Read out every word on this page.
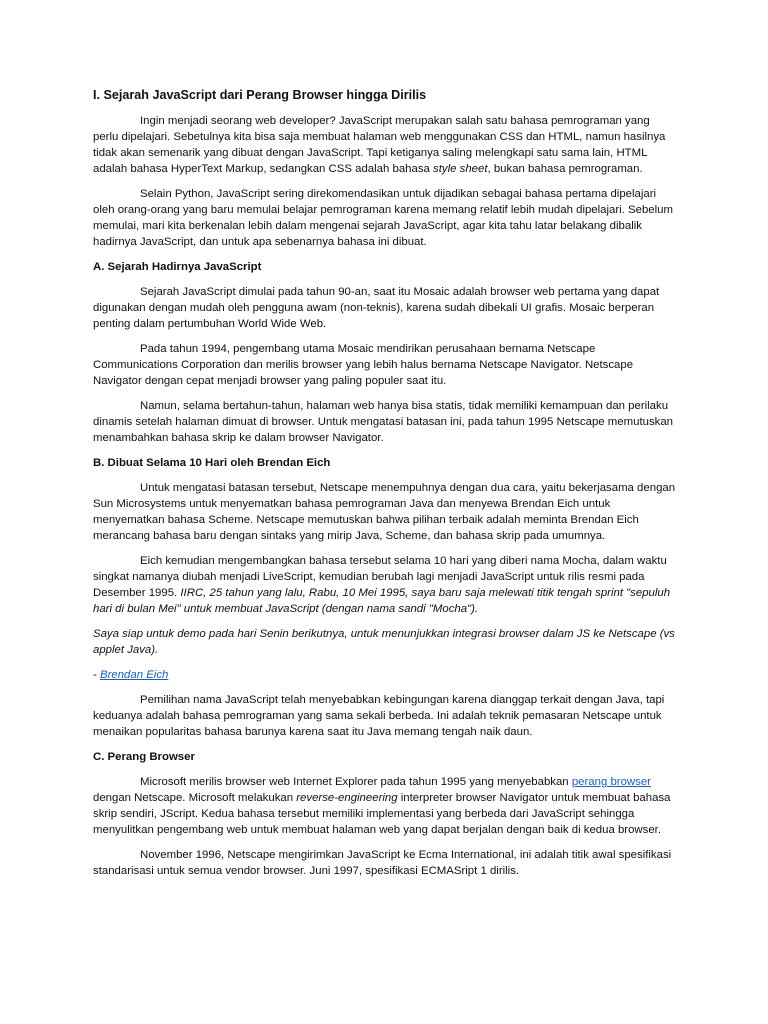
I. Sejarah JavaScript dari Perang Browser hingga Dirilis

Ingin menjadi seorang web developer? JavaScript merupakan salah satu bahasa pemrograman yang perlu dipelajari. Sebetulnya kita bisa saja membuat halaman web menggunakan CSS dan HTML, namun hasilnya tidak akan semenarik yang dibuat dengan JavaScript. Tapi ketiganya saling melengkapi satu sama lain, HTML adalah bahasa HyperText Markup, sedangkan CSS adalah bahasa style sheet, bukan bahasa pemrograman.

Selain Python, JavaScript sering direkomendasikan untuk dijadikan sebagai bahasa pertama dipelajari oleh orang-orang yang baru memulai belajar pemrograman karena memang relatif lebih mudah dipelajari. Sebelum memulai, mari kita berkenalan lebih dalam mengenai sejarah JavaScript, agar kita tahu latar belakang dibalik hadirnya JavaScript, dan untuk apa sebenarnya bahasa ini dibuat.

A. Sejarah Hadirnya JavaScript

Sejarah JavaScript dimulai pada tahun 90-an, saat itu Mosaic adalah browser web pertama yang dapat digunakan dengan mudah oleh pengguna awam (non-teknis), karena sudah dibekali UI grafis. Mosaic berperan penting dalam pertumbuhan World Wide Web.

Pada tahun 1994, pengembang utama Mosaic mendirikan perusahaan bernama Netscape Communications Corporation dan merilis browser yang lebih halus bernama Netscape Navigator. Netscape Navigator dengan cepat menjadi browser yang paling populer saat itu.

Namun, selama bertahun-tahun, halaman web hanya bisa statis, tidak memiliki kemampuan dan perilaku dinamis setelah halaman dimuat di browser. Untuk mengatasi batasan ini, pada tahun 1995 Netscape memutuskan menambahkan bahasa skrip ke dalam browser Navigator.

B. Dibuat Selama 10 Hari oleh Brendan Eich

Untuk mengatasi batasan tersebut, Netscape menempuhnya dengan dua cara, yaitu bekerjasama dengan Sun Microsystems untuk menyematkan bahasa pemrograman Java dan menyewa Brendan Eich untuk menyematkan bahasa Scheme. Netscape memutuskan bahwa pilihan terbaik adalah meminta Brendan Eich merancang bahasa baru dengan sintaks yang mirip Java, Scheme, dan bahasa skrip pada umumnya.

Eich kemudian mengembangkan bahasa tersebut selama 10 hari yang diberi nama Mocha, dalam waktu singkat namanya diubah menjadi LiveScript, kemudian berubah lagi menjadi JavaScript untuk rilis resmi pada Desember 1995. IIRC, 25 tahun yang lalu, Rabu, 10 Mei 1995, saya baru saja melewati titik tengah sprint "sepuluh hari di bulan Mei" untuk membuat JavaScript (dengan nama sandi "Mocha").

Saya siap untuk demo pada hari Senin berikutnya, untuk menunjukkan integrasi browser dalam JS ke Netscape (vs applet Java).

- Brendan Eich

Pemilihan nama JavaScript telah menyebabkan kebingungan karena dianggap terkait dengan Java, tapi keduanya adalah bahasa pemrograman yang sama sekali berbeda. Ini adalah teknik pemasaran Netscape untuk menaikan popularitas bahasa barunya karena saat itu Java memang tengah naik daun.

C. Perang Browser

Microsoft merilis browser web Internet Explorer pada tahun 1995 yang menyebabkan perang browser dengan Netscape. Microsoft melakukan reverse-engineering interpreter browser Navigator untuk membuat bahasa skrip sendiri, JScript. Kedua bahasa tersebut memiliki implementasi yang berbeda dari JavaScript sehingga menyulitkan pengembang web untuk membuat halaman web yang dapat berjalan dengan baik di kedua browser.

November 1996, Netscape mengirimkan JavaScript ke Ecma International, ini adalah titik awal spesifikasi standarisasi untuk semua vendor browser. Juni 1997, spesifikasi ECMASript 1 dirilis.
